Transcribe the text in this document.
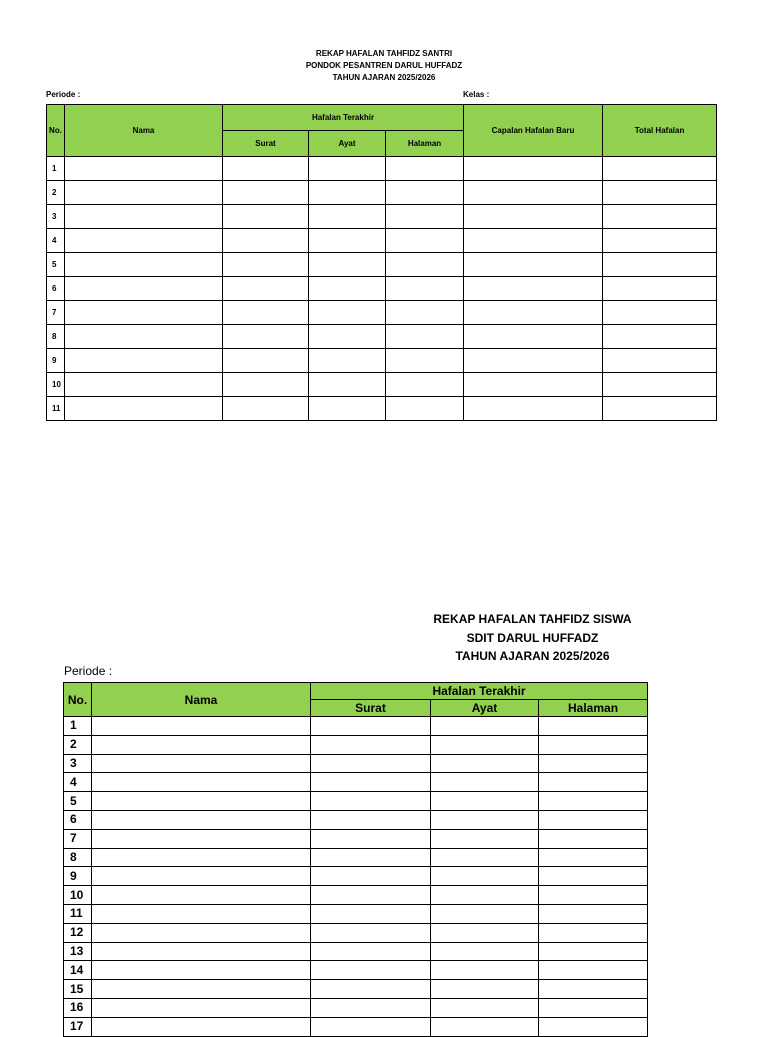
REKAP HAFALAN TAHFIDZ SANTRI
PONDOK PESANTREN DARUL HUFFADZ
TAHUN AJARAN 2025/2026
Periode :	Kelas :
No.	Nama	Hafalan Terakhir			Capalan Hafalan Baru	Total Hafalan
		Surat	Ayat	Halaman		
1						
2						
3						
4						
5						
6						
7						
8						
9						
10						
11						
REKAP HAFALAN TAHFIDZ SISWA
SDIT DARUL HUFFADZ
TAHUN AJARAN 2025/2026
Periode :
No.	Nama	Hafalan Terakhir		
		Surat	Ayat	Halaman
1				
2				
3				
4				
5				
6				
7				
8				
9				
10				
11				
12				
13				
14				
15				
16				
17				
